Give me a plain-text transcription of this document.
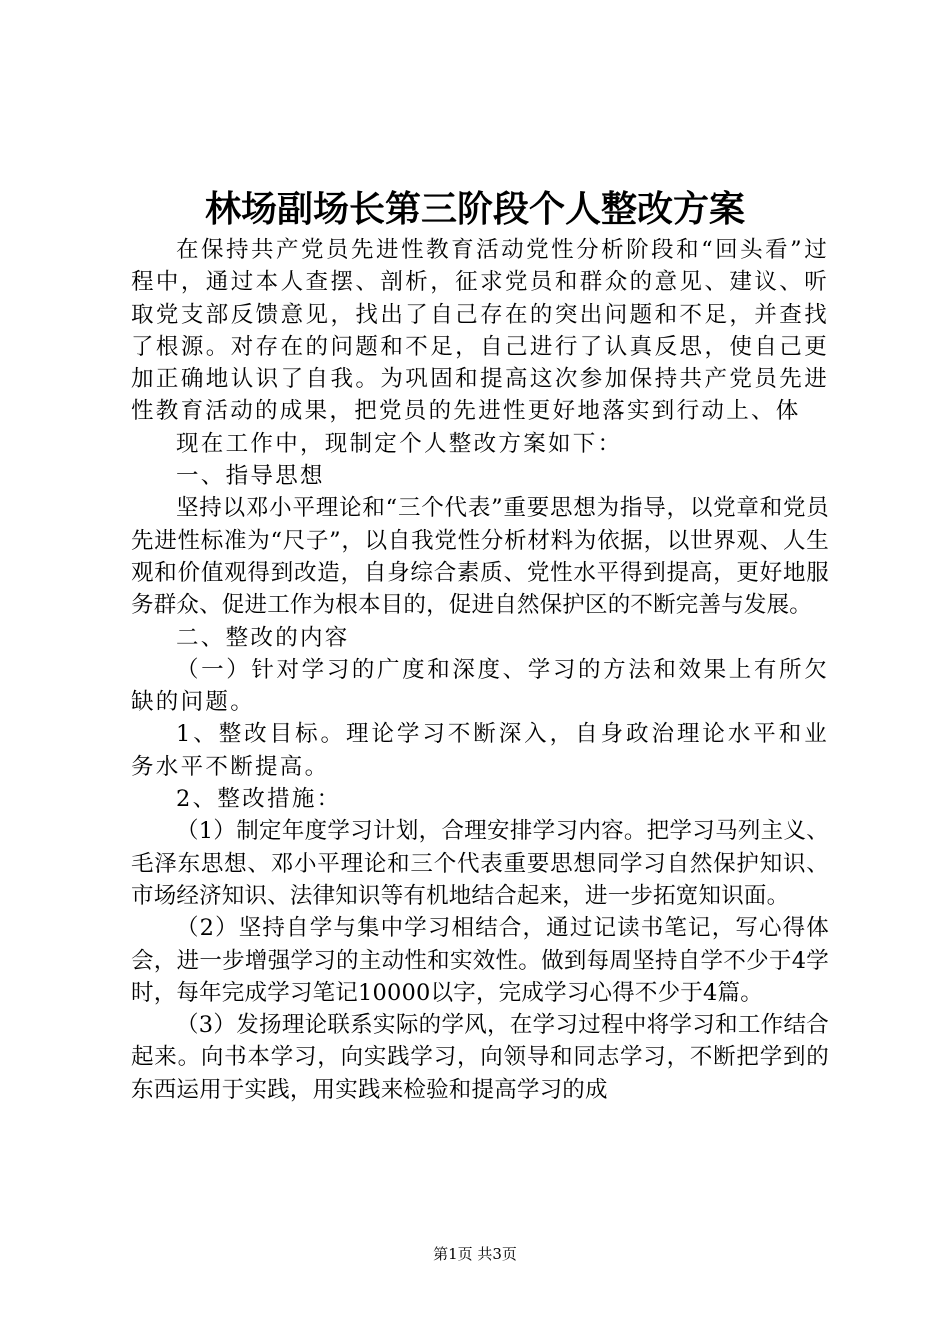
林场副场长第三阶段个人整改方案

在保持共产党员先进性教育活动党性分析阶段和“回头看”过程中，通过本人查摆、剖析，征求党员和群众的意见、建议、听取党支部反馈意见，找出了自己存在的突出问题和不足，并查找了根源。对存在的问题和不足，自己进行了认真反思，使自己更加正确地认识了自我。为巩固和提高这次参加保持共产党员先进性教育活动的成果，把党员的先进性更好地落实到行动上、体

现在工作中，现制定个人整改方案如下：

一、指导思想

坚持以邓小平理论和“三个代表”重要思想为指导，以党章和党员先进性标准为“尺子”，以自我党性分析材料为依据，以世界观、人生观和价值观得到改造，自身综合素质、党性水平得到提高，更好地服务群众、促进工作为根本目的，促进自然保护区的不断完善与发展。

二、整改的内容

（一）针对学习的广度和深度、学习的方法和效果上有所欠缺的问题。

1、整改目标。理论学习不断深入，自身政治理论水平和业务水平不断提高。

2、整改措施：

（1）制定年度学习计划，合理安排学习内容。把学习马列主义、毛泽东思想、邓小平理论和三个代表重要思想同学习自然保护知识、市场经济知识、法律知识等有机地结合起来，进一步拓宽知识面。

（2）坚持自学与集中学习相结合，通过记读书笔记，写心得体会，进一步增强学习的主动性和实效性。做到每周坚持自学不少于4学时，每年完成学习笔记10000以字，完成学习心得不少于4篇。

（3）发扬理论联系实际的学风，在学习过程中将学习和工作结合起来。向书本学习，向实践学习，向领导和同志学习，不断把学到的东西运用于实践，用实践来检验和提高学习的成

第1页 共3页
